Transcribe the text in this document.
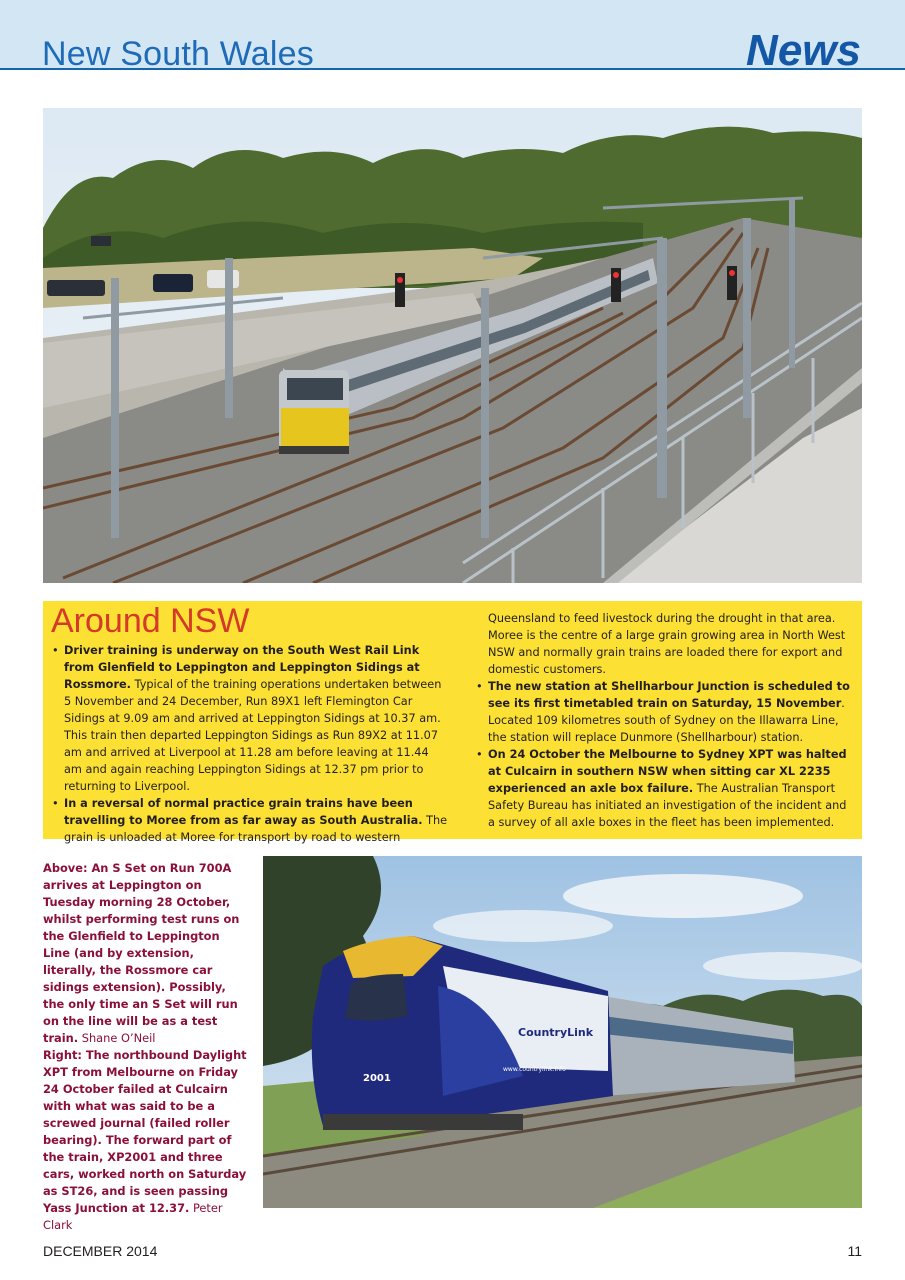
New South Wales	News
Around NSW
• Driver training is underway on the South West Rail Link from Glenfield to Leppington and Leppington Sidings at Rossmore. Typical of the training operations undertaken between 5 November and 24 December, Run 89X1 left Flemington Car Sidings at 9.09 am and arrived at Leppington Sidings at 10.37 am. This train then departed Leppington Sidings as Run 89X2 at 11.07 am and arrived at Liverpool at 11.28 am before leaving at 11.44 am and again reaching Leppington Sidings at 12.37 pm prior to returning to Liverpool.
• In a reversal of normal practice grain trains have been travelling to Moree from as far away as South Australia. The grain is unloaded at Moree for transport by road to western

Queensland to feed livestock during the drought in that area. Moree is the centre of a large grain growing area in North West NSW and normally grain trains are loaded there for export and domestic customers.

• The new station at Shellharbour Junction is scheduled to see its first timetabled train on Saturday, 15 November. Located 109 kilometres south of Sydney on the Illawarra Line, the station will replace Dunmore (Shellharbour) station.
• On 24 October the Melbourne to Sydney XPT was halted at Culcairn in southern NSW when sitting car XL 2235 experienced an axle box failure. The Australian Transport Safety Bureau has initiated an investigation of the incident and a survey of all axle boxes in the fleet has been implemented.

Above: An S Set on Run 700A arrives at Leppington on Tuesday morning 28 October, whilst performing test runs on the Glenfield to Leppington Line (and by extension, literally, the Rossmore car sidings extension). Possibly, the only time an S Set will run on the line will be as a test train. Shane O’Neil

Right: The northbound Daylight XPT from Melbourne on Friday 24 October failed at Culcairn with what was said to be a screwed journal (failed roller bearing). The forward part of the train, XP2001 and three cars, worked north on Saturday as ST26, and is seen passing Yass Junction at 12.37. Peter Clark

2001
CountryLink
www.countrylink.info
DECEMBER 2014	11
